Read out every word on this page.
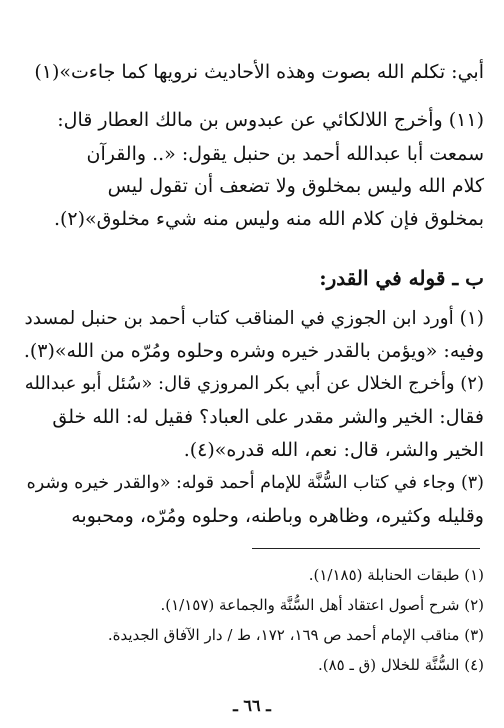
أبي: تكلم الله بصوت وهذه الأحاديث نرويها كما جاءت»(١)
(١١) وأخرج اللالكائي عن عبدوس بن مالك العطار قال:
سمعت أبا عبدالله أحمد بن حنبل يقول: «.. والقرآن
كلام الله وليس بمخلوق ولا تضعف أن تقول ليس
بمخلوق فإن كلام الله منه وليس منه شيء مخلوق»(٢).
ب ـ قوله في القدر:
(١) أورد ابن الجوزي في المناقب كتاب أحمد بن حنبل لمسدد
وفيه: «ويؤمن بالقدر خيره وشره وحلوه ومُرّه من الله»(٣).
(٢) وأخرج الخلال عن أبي بكر المروزي قال: «سُئل أبو عبدالله
فقال: الخير والشر مقدر على العباد؟ فقيل له: الله خلق
الخير والشر، قال: نعم، الله قدره»(٤).
(٣) وجاء في كتاب السُّنَّة للإمام أحمد قوله: «والقدر خيره وشره
وقليله وكثيره، وظاهره وباطنه، وحلوه ومُرّه، ومحبوبه
(١) طبقات الحنابلة (١/١٨٥).
(٢) شرح أصول اعتقاد أهل السُّنَّة والجماعة (١/١٥٧).
(٣) مناقب الإمام أحمد ص ١٦٩، ١٧٢، ط / دار الآفاق الجديدة.
(٤) السُّنَّة للخلال (ق ـ ٨٥).
ـ ٦٦ ـ
